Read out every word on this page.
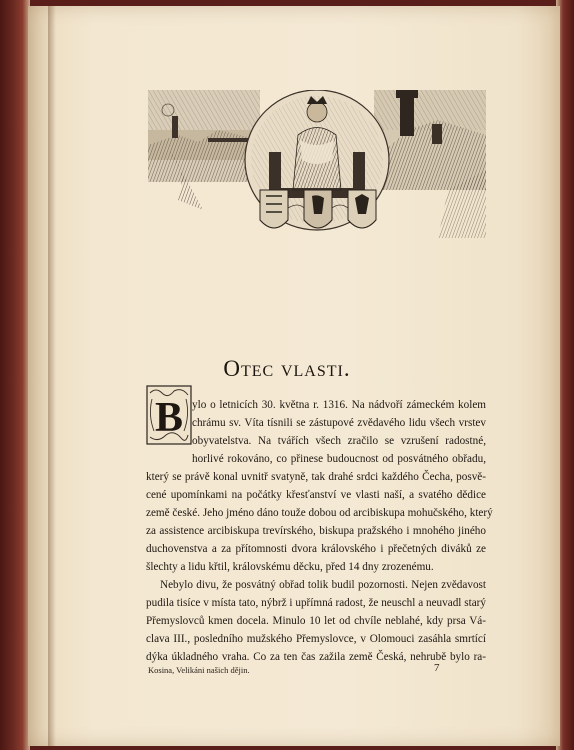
Otec vlasti.
B ylo o letnicích 30. května r. 1316. Na nádvoří zámeckém kolem
chrámu sv. Víta tísnili se zástupové zvědavého lidu všech vrstev
obyvatelstva. Na tvářích všech zračilo se vzrušení radostné,
horlivé rokováno, co přinese budoucnost od posvátného obřadu,
který se právě konal uvnitř svatyně, tak drahé srdci každého Čecha, posvě-
cené upomínkami na počátky křesťanství ve vlasti naší, a svatého dědice
země české. Jeho jméno dáno touže dobou od arcibiskupa mohučského, který
za assistence arcibiskupa trevírského, biskupa pražského i mnohého jiného
duchovenstva a za přítomnosti dvora královského i přečetných diváků ze
šlechty a lidu křtil, královskému děcku, před 14 dny zrozenému.
Nebylo divu, že posvátný obřad tolik budil pozornosti. Nejen zvědavost
pudila tisíce v místa tato, nýbrž i upřímná radost, že neuschl a neuvadl starý
Přemyslovců kmen docela. Minulo 10 let od chvíle neblahé, kdy prsa Vá-
clava III., posledního mužského Přemyslovce, v Olomouci zasáhla smrtící
dýka úkladného vraha. Co za ten čas zažila země Česká, nehrubě bylo ra-
Kosina, Velikáni našich dějin.	7
